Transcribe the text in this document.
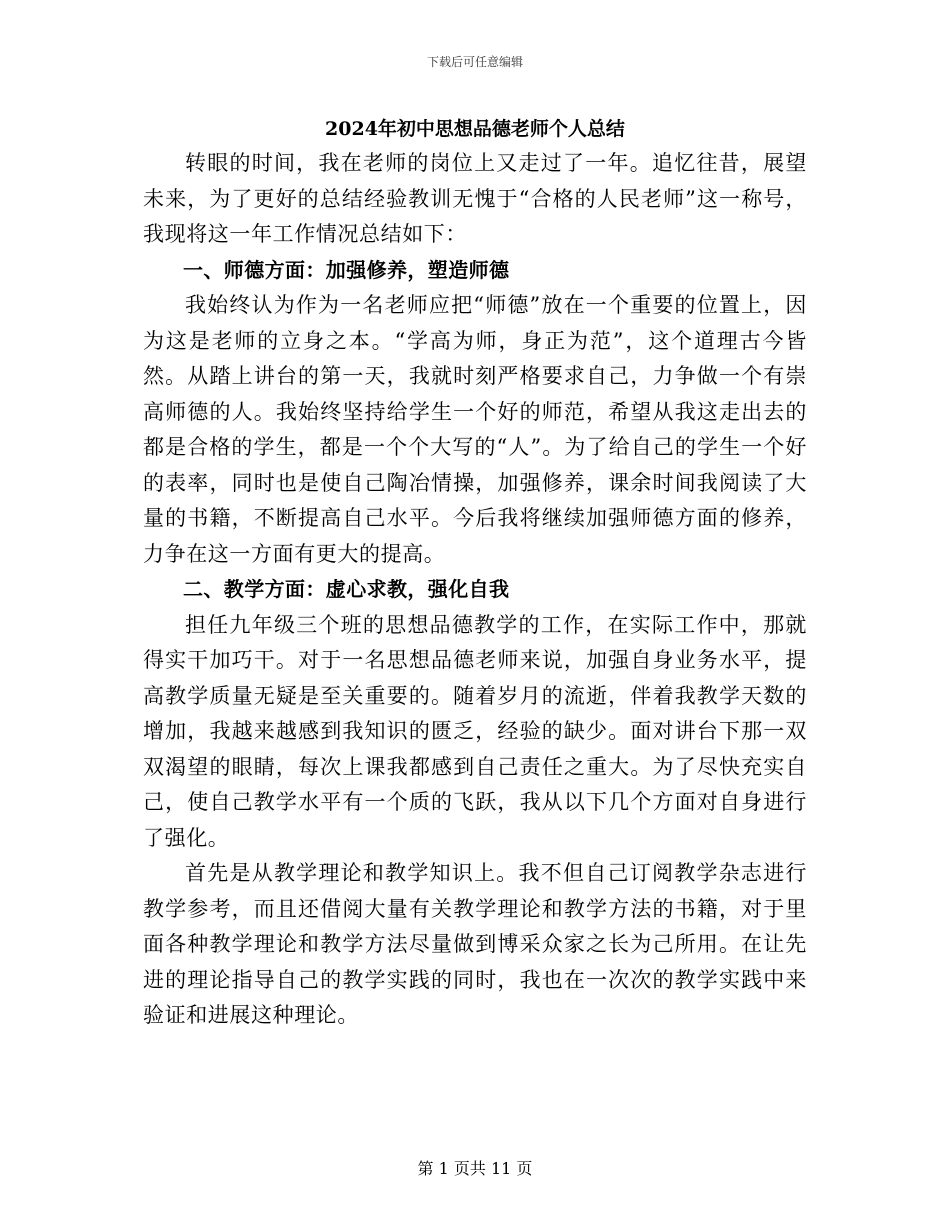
下载后可任意编辑
2024年初中思想品德老师个人总结

转眼的时间，我在老师的岗位上又走过了一年。追忆往昔，展望未来，为了更好的总结经验教训无愧于“合格的人民老师”这一称号，我现将这一年工作情况总结如下：

一、师德方面：加强修养，塑造师德

我始终认为作为一名老师应把“师德”放在一个重要的位置上，因为这是老师的立身之本。“学高为师，身正为范”，这个道理古今皆然。从踏上讲台的第一天，我就时刻严格要求自己，力争做一个有崇高师德的人。我始终坚持给学生一个好的师范，希望从我这走出去的都是合格的学生，都是一个个大写的“人”。为了给自己的学生一个好的表率，同时也是使自己陶冶情操，加强修养，课余时间我阅读了大量的书籍，不断提高自己水平。今后我将继续加强师德方面的修养，力争在这一方面有更大的提高。

二、教学方面：虚心求教，强化自我

担任九年级三个班的思想品德教学的工作，在实际工作中，那就得实干加巧干。对于一名思想品德老师来说，加强自身业务水平，提高教学质量无疑是至关重要的。随着岁月的流逝，伴着我教学天数的增加，我越来越感到我知识的匮乏，经验的缺少。面对讲台下那一双双渴望的眼睛，每次上课我都感到自己责任之重大。为了尽快充实自己，使自己教学水平有一个质的飞跃，我从以下几个方面对自身进行了强化。

首先是从教学理论和教学知识上。我不但自己订阅教学杂志进行教学参考，而且还借阅大量有关教学理论和教学方法的书籍，对于里面各种教学理论和教学方法尽量做到博采众家之长为己所用。在让先进的理论指导自己的教学实践的同时，我也在一次次的教学实践中来验证和进展这种理论。

第 1 页共 11 页
